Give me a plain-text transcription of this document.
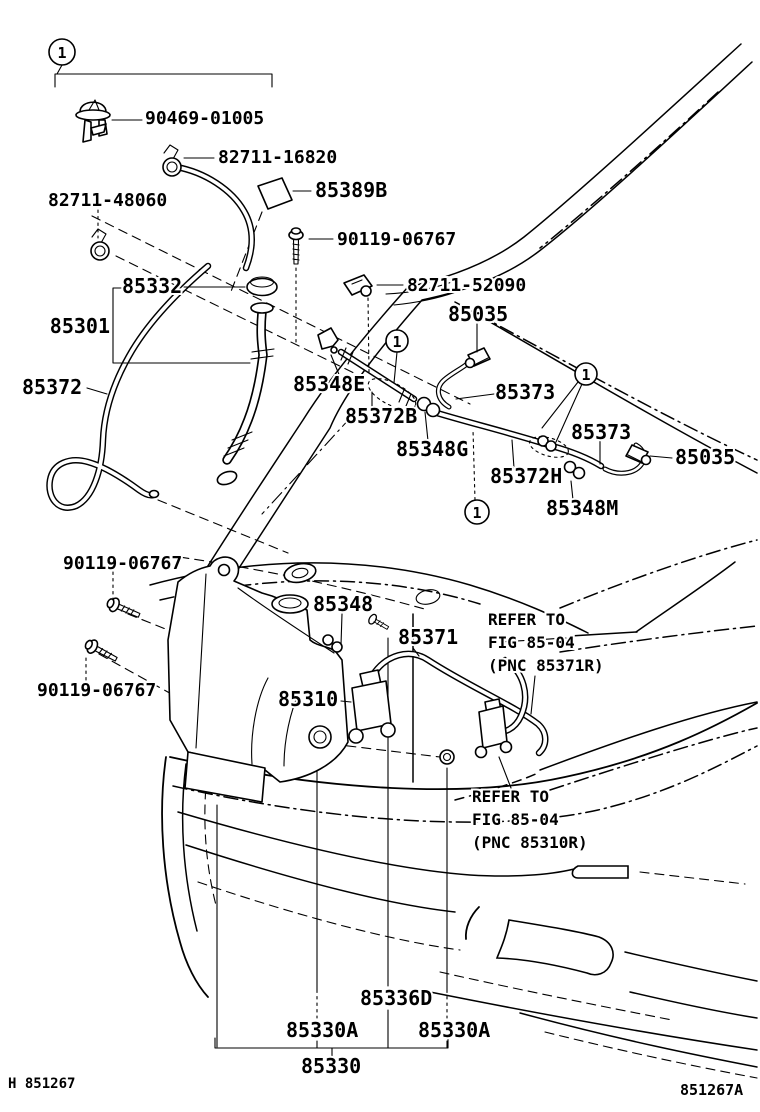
1
1
1
1
90469-01005
82711-16820
82711-48060	85389B
90119-06767
85332	82711-52090
85301	85035
85372	85348E	85373
85372B
85348G
85373
85035
85372H
85348M
90119-06767
85348
85371
90119-06767	85310
85336D
85330A	85330A
85330
REFER TO
FIG 85-04
(PNC 85371R)
REFER TO
FIG 85-04
(PNC 85310R)
H 851267	851267A
